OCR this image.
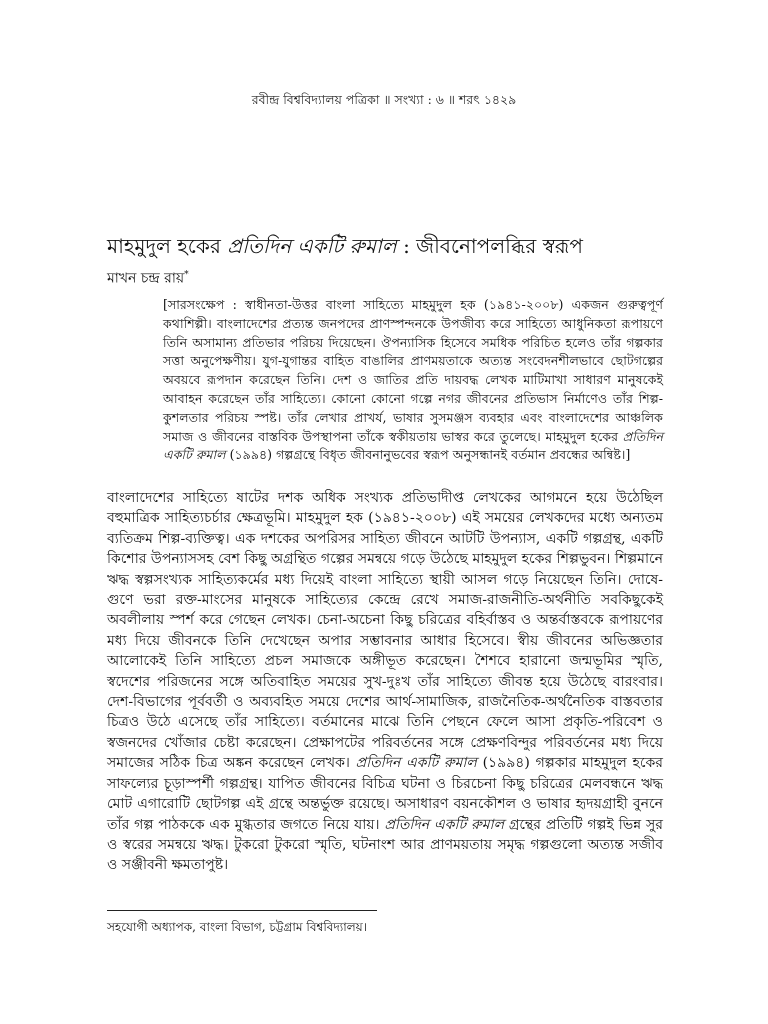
রবীন্দ্র বিশ্ববিদ্যালয় পত্রিকা ॥ সংখ্যা : ৬ ॥ শরৎ ১৪২৯
মাহমুদুল হকের প্রতিদিন একটি রুমাল : জীবনোপলব্ধির স্বরূপ
মাখন চন্দ্র রায়*

[সারসংক্ষেপ : স্বাধীনতা-উত্তর বাংলা সাহিত্যে মাহমুদুল হক (১৯৪১-২০০৮) একজন গুরুত্বপূর্ণ কথাশিল্পী। বাংলাদেশের প্রত্যন্ত জনপদের প্রাণস্পন্দনকে উপজীব্য করে সাহিত্যে আধুনিকতা রূপায়ণে তিনি অসামান্য প্রতিভার পরিচয় দিয়েছেন। ঔপন্যাসিক হিসেবে সমধিক পরিচিত হলেও তাঁর গল্পকার সত্তা অনুপেক্ষণীয়। যুগ-যুগান্তর বাহিত বাঙালির প্রাণময়তাকে অত্যন্ত সংবেদনশীলভাবে ছোটগল্পের অবয়বে রূপদান করেছেন তিনি। দেশ ও জাতির প্রতি দায়বদ্ধ লেখক মাটিমাখা সাধারণ মানুষকেই আবাহন করেছেন তাঁর সাহিত্যে। কোনো কোনো গল্পে নগর জীবনের প্রতিভাস নির্মাণেও তাঁর শিল্প-কুশলতার পরিচয় স্পষ্ট। তাঁর লেখার প্রাখর্য, ভাষার সুসমঞ্জস ব্যবহার এবং বাংলাদেশের আঞ্চলিক সমাজ ও জীবনের বাস্তবিক উপস্থাপনা তাঁকে স্বকীয়তায় ভাস্বর করে তুলেছে। মাহমুদুল হকের প্রতিদিন একটি রুমাল (১৯৯৪) গল্পগ্রন্থে বিধৃত জীবনানুভবের স্বরূপ অনুসন্ধানই বর্তমান প্রবন্ধের অন্বিষ্ট।]

বাংলাদেশের সাহিত্যে ষাটের দশক অধিক সংখ্যক প্রতিভাদীপ্ত লেখকের আগমনে হয়ে উঠেছিল বহুমাত্রিক সাহিত্যচর্চার ক্ষেত্রভূমি। মাহমুদুল হক (১৯৪১-২০০৮) এই সময়ের লেখকদের মধ্যে অন্যতম ব্যতিক্রম শিল্প-ব্যক্তিত্ব। এক দশকের অপরিসর সাহিত্য জীবনে আটটি উপন্যাস, একটি গল্পগ্রন্থ, একটি কিশোর উপন্যাসসহ বেশ কিছু অগ্রন্থিত গল্পের সমন্বয়ে গড়ে উঠেছে মাহমুদুল হকের শিল্পভুবন। শিল্পমানে ঋদ্ধ স্বল্পসংখ্যক সাহিত্যকর্মের মধ্য দিয়েই বাংলা সাহিত্যে স্থায়ী আসল গড়ে নিয়েছেন তিনি। দোষে-গুণে ভরা রক্ত-মাংসের মানুষকে সাহিত্যের কেন্দ্রে রেখে সমাজ-রাজনীতি-অর্থনীতি সবকিছুকেই অবলীলায় স্পর্শ করে গেছেন লেখক। চেনা-অচেনা কিছু চরিত্রের বহির্বাস্তব ও অন্তর্বাস্তবকে রূপায়ণের মধ্য দিয়ে জীবনকে তিনি দেখেছেন অপার সম্ভাবনার আধার হিসেবে। স্বীয় জীবনের অভিজ্ঞতার আলোকেই তিনি সাহিত্যে প্রচল সমাজকে অঙ্গীভূত করেছেন। শৈশবে হারানো জন্মভূমির স্মৃতি, স্বদেশের পরিজনের সঙ্গে অতিবাহিত সময়ের সুখ-দুঃখ তাঁর সাহিত্যে জীবন্ত হয়ে উঠেছে বারংবার। দেশ-বিভাগের পূর্ববর্তী ও অব্যবহিত সময়ে দেশের আর্থ-সামাজিক, রাজনৈতিক-অর্থনৈতিক বাস্তবতার চিত্রও উঠে এসেছে তাঁর সাহিত্যে। বর্তমানের মাঝে তিনি পেছনে ফেলে আসা প্রকৃতি-পরিবেশ ও স্বজনদের খোঁজার চেষ্টা করেছেন। প্রেক্ষাপটের পরিবর্তনের সঙ্গে প্রেক্ষণবিন্দুর পরিবর্তনের মধ্য দিয়ে সমাজের সঠিক চিত্র অঙ্কন করেছেন লেখক। প্রতিদিন একটি রুমাল (১৯৯৪) গল্পকার মাহমুদুল হকের সাফল্যের চূড়াস্পর্শী গল্পগ্রন্থ। যাপিত জীবনের বিচিত্র ঘটনা ও চিরচেনা কিছু চরিত্রের মেলবন্ধনে ঋদ্ধ মোট এগারোটি ছোটগল্প এই গ্রন্থে অন্তর্ভুক্ত রয়েছে। অসাধারণ বয়নকৌশল ও ভাষার হৃদয়গ্রাহী বুননে তাঁর গল্প পাঠককে এক মুগ্ধতার জগতে নিয়ে যায়। প্রতিদিন একটি রুমাল গ্রন্থের প্রতিটি গল্পই ভিন্ন সুর ও স্বরের সমন্বয়ে ঋদ্ধ। টুকরো টুকরো স্মৃতি, ঘটনাংশ আর প্রাণময়তায় সমৃদ্ধ গল্পগুলো অত্যন্ত সজীব ও সঞ্জীবনী ক্ষমতাপুষ্ট।

সহযোগী অধ্যাপক, বাংলা বিভাগ, চট্টগ্রাম বিশ্ববিদ্যালয়।
